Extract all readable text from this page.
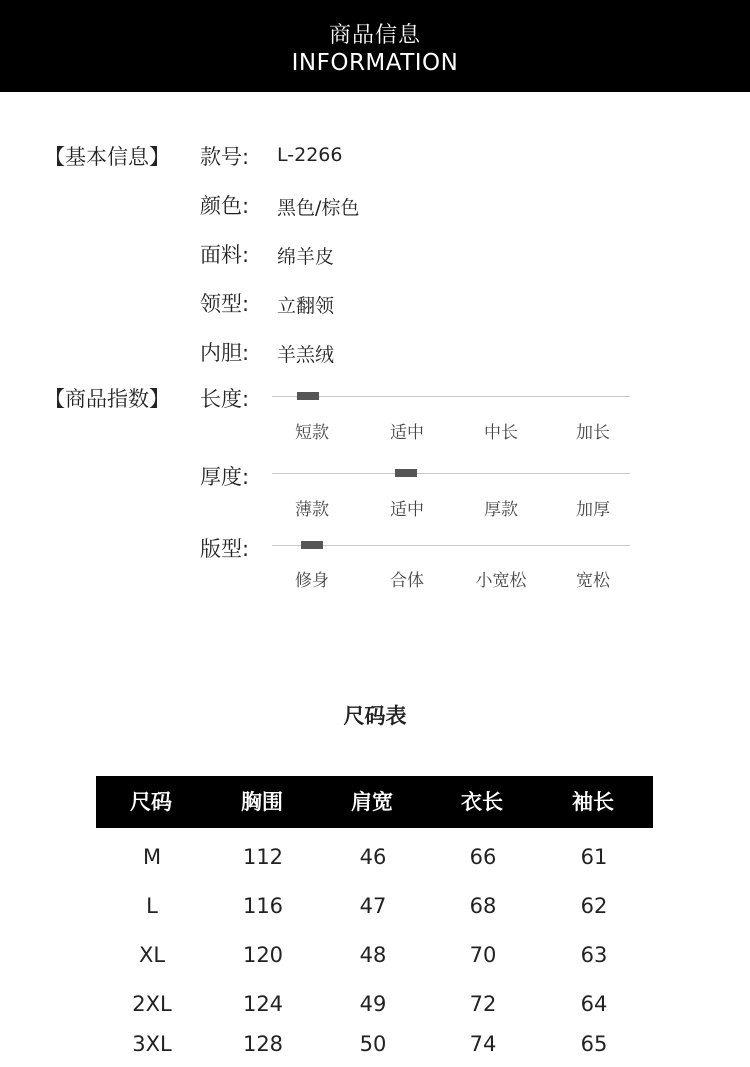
商品信息
INFORMATION
【基本信息】 款号: L-2266
颜色: 黑色/棕色
面料: 绵羊皮
领型: 立翻领
内胆: 羊羔绒
【商品指数】 长度:
短款	适中	中长	加长
厚度:
薄款	适中	厚款	加厚
版型:
修身	合体	小宽松	宽松
尺码表
尺码	胸围	肩宽	衣长	袖长
M	112	46	66	61
L	116	47	68	62
XL	120	48	70	63
2XL	124	49	72	64
3XL	128	50	74	65
